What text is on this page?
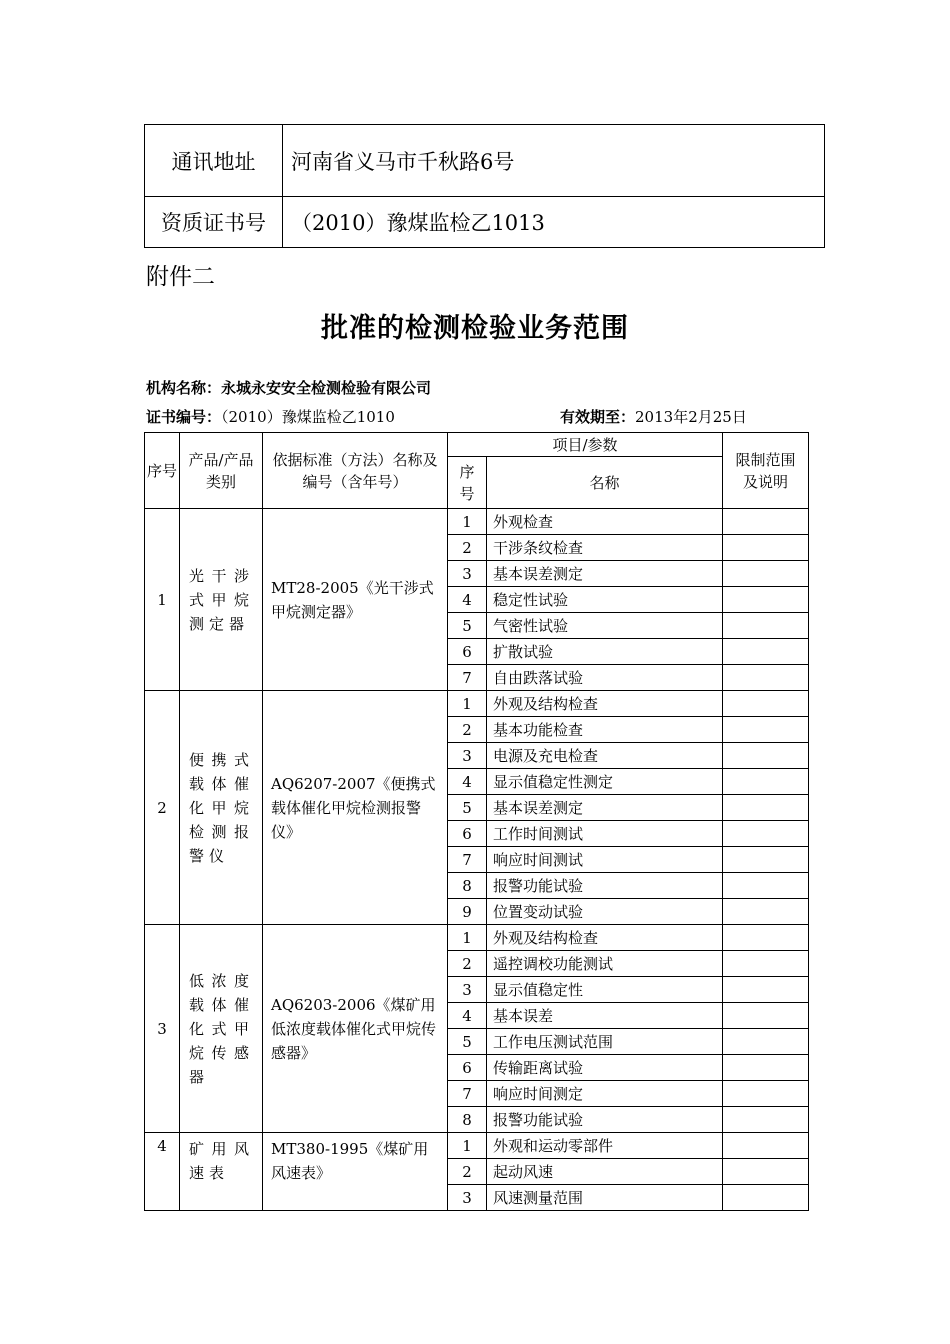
通讯地址	河南省义马市千秋路6号
资质证书号	（2010）豫煤监检乙1013
附件二
批准的检测检验业务范围
机构名称：永城永安安全检测检验有限公司
证书编号：（2010）豫煤监检乙1010	有效期至：2013年2月25日
序号	产品/产品类别	依据标准（方法）名称及编号（含年号）	项目/参数		限制范围及说明
			序号	名称	
1	光干涉式甲烷测定器	MT28-2005《光干涉式甲烷测定器》	1	外观检查	
			2	干涉条纹检查	
			3	基本误差测定	
			4	稳定性试验	
			5	气密性试验	
			6	扩散试验	
			7	自由跌落试验	
2	便携式载体催化甲烷检测报警仪	AQ6207-2007《便携式载体催化甲烷检测报警仪》	1	外观及结构检查	
			2	基本功能检查	
			3	电源及充电检查	
			4	显示值稳定性测定	
			5	基本误差测定	
			6	工作时间测试	
			7	响应时间测试	
			8	报警功能试验	
			9	位置变动试验	
3	低浓度载体催化式甲烷传感器	AQ6203-2006《煤矿用低浓度载体催化式甲烷传感器》	1	外观及结构检查	
			2	遥控调校功能测试	
			3	显示值稳定性	
			4	基本误差	
			5	工作电压测试范围	
			6	传输距离试验	
			7	响应时间测定	
			8	报警功能试验	
4	矿用风速表	MT380-1995《煤矿用风速表》	1	外观和运动零部件	
			2	起动风速	
			3	风速测量范围	
